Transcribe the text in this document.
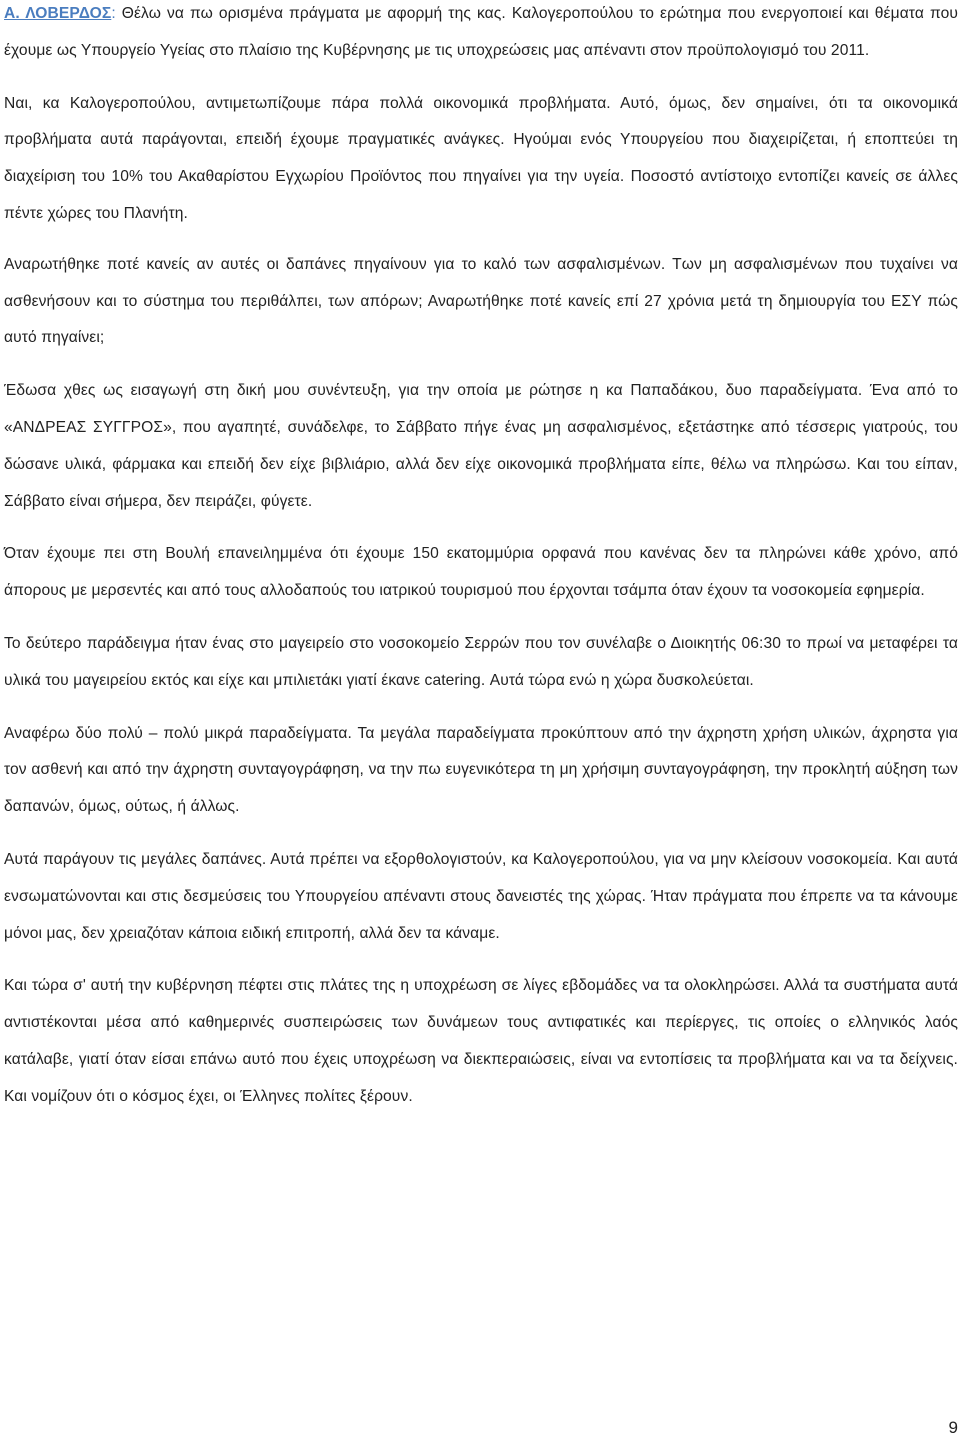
Α. ΛΟΒΕΡΔΟΣ: Θέλω να πω ορισμένα πράγματα με αφορμή της κας. Καλογεροπούλου το ερώτημα που ενεργοποιεί και θέματα που έχουμε ως Υπουργείο Υγείας στο πλαίσιο της Κυβέρνησης με τις υποχρεώσεις μας απέναντι στον προϋπολογισμό του 2011.

Ναι, κα Καλογεροπούλου, αντιμετωπίζουμε πάρα πολλά οικονομικά προβλήματα. Αυτό, όμως, δεν σημαίνει, ότι τα οικονομικά προβλήματα αυτά παράγονται, επειδή έχουμε πραγματικές ανάγκες. Ηγούμαι ενός Υπουργείου που διαχειρίζεται, ή εποπτεύει τη διαχείριση του 10% του Ακαθαρίστου Εγχωρίου Προϊόντος που πηγαίνει για την υγεία. Ποσοστό αντίστοιχο εντοπίζει κανείς σε άλλες πέντε χώρες του Πλανήτη.

Αναρωτήθηκε ποτέ κανείς αν αυτές οι δαπάνες πηγαίνουν για το καλό των ασφαλισμένων. Των μη ασφαλισμένων που τυχαίνει να ασθενήσουν και το σύστημα του περιθάλπει, των απόρων; Αναρωτήθηκε ποτέ κανείς επί 27 χρόνια μετά τη δημιουργία του ΕΣΥ πώς αυτό πηγαίνει;

Έδωσα χθες ως εισαγωγή στη δική μου συνέντευξη, για την οποία με ρώτησε η κα Παπαδάκου, δυο παραδείγματα. Ένα από το «ΑΝΔΡΕΑΣ ΣΥΓΓΡΟΣ», που αγαπητέ, συνάδελφε, το Σάββατο πήγε ένας μη ασφαλισμένος, εξετάστηκε από τέσσερις γιατρούς, του δώσανε υλικά, φάρμακα και επειδή δεν είχε βιβλιάριο, αλλά δεν είχε οικονομικά προβλήματα είπε, θέλω να πληρώσω. Και του είπαν, Σάββατο είναι σήμερα, δεν πειράζει, φύγετε.

Όταν έχουμε πει στη Βουλή επανειλημμένα ότι έχουμε 150 εκατομμύρια ορφανά που κανένας δεν τα πληρώνει κάθε χρόνο, από άπορους με μερσεντές και από τους αλλοδαπούς του ιατρικού τουρισμού που έρχονται τσάμπα όταν έχουν τα νοσοκομεία εφημερία.

Το δεύτερο παράδειγμα ήταν ένας στο μαγειρείο στο νοσοκομείο Σερρών που τον συνέλαβε ο Διοικητής 06:30 το πρωί να μεταφέρει τα υλικά του μαγειρείου εκτός και είχε και μπιλιετάκι γιατί έκανε catering. Αυτά τώρα ενώ η χώρα δυσκολεύεται.

Αναφέρω δύο πολύ – πολύ μικρά παραδείγματα. Τα μεγάλα παραδείγματα προκύπτουν από την άχρηστη χρήση υλικών, άχρηστα για τον ασθενή και από την άχρηστη συνταγογράφηση, να την πω ευγενικότερα τη μη χρήσιμη συνταγογράφηση, την προκλητή αύξηση των δαπανών, όμως, ούτως, ή άλλως.

Αυτά παράγουν τις μεγάλες δαπάνες. Αυτά πρέπει να εξορθολογιστούν, κα Καλογεροπούλου, για να μην κλείσουν νοσοκομεία. Και αυτά ενσωματώνονται και στις δεσμεύσεις του Υπουργείου απέναντι στους δανειστές της χώρας. Ήταν πράγματα που έπρεπε να τα κάνουμε μόνοι μας, δεν χρειαζόταν κάποια ειδική επιτροπή, αλλά δεν τα κάναμε.

Και τώρα σ' αυτή την κυβέρνηση πέφτει στις πλάτες της η υποχρέωση σε λίγες εβδομάδες να τα ολοκληρώσει. Αλλά τα συστήματα αυτά αντιστέκονται μέσα από καθημερινές συσπειρώσεις των δυνάμεων τους αντιφατικές και περίεργες, τις οποίες ο ελληνικός λαός κατάλαβε, γιατί όταν είσαι επάνω αυτό που έχεις υποχρέωση να διεκπεραιώσεις, είναι να εντοπίσεις τα προβλήματα και να τα δείχνεις. Και νομίζουν ότι ο κόσμος έχει, οι Έλληνες πολίτες ξέρουν.

9
